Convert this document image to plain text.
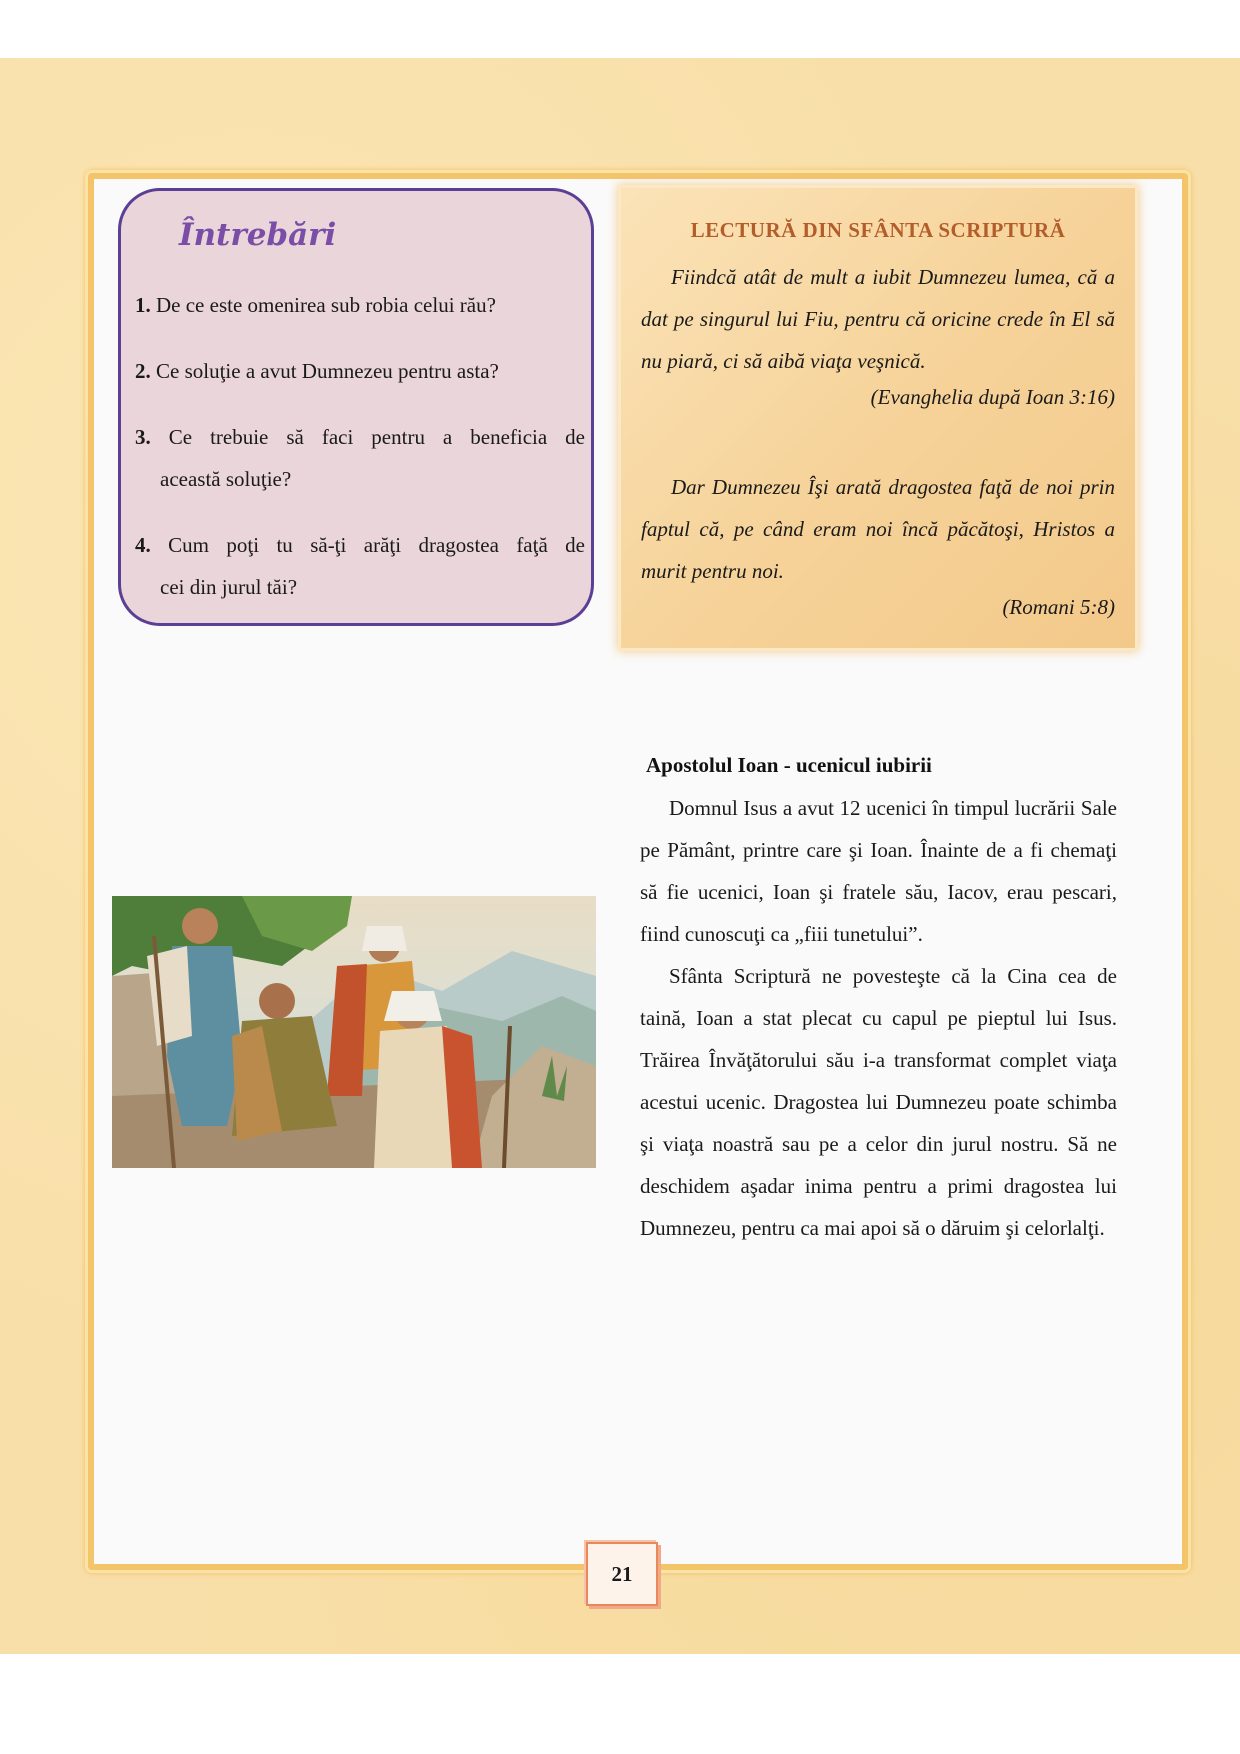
Întrebări
1. De ce este omenirea sub robia celui rău?
2. Ce soluţie a avut Dumnezeu pentru asta?
3. Ce trebuie să faci pentru a beneficia de
această soluţie?
4. Cum poţi tu să-ţi arăţi dragostea faţă de
cei din jurul tăi?
LECTURĂ DIN SFÂNTA SCRIPTURĂ
Fiindcă atât de mult a iubit Dumnezeu lumea, că a dat pe singurul lui Fiu, pentru că oricine crede în El să nu piară, ci să aibă viaţa veşnică.
(Evanghelia după Ioan 3:16)
Dar Dumnezeu Îşi arată dragostea faţă de noi prin faptul că, pe când eram noi încă păcătoşi, Hristos a murit pentru noi.
(Romani 5:8)
Apostolul Ioan - ucenicul iubirii

Domnul Isus a avut 12 ucenici în timpul lucrării Sale pe Pământ, printre care şi Ioan. Înainte de a fi chemaţi să fie ucenici, Ioan şi fratele său, Iacov, erau pescari, fiind cunoscuţi ca „fiii tunetului”.

Sfânta Scriptură ne povesteşte că la Cina cea de taină, Ioan a stat plecat cu capul pe pieptul lui Isus. Trăirea Învăţătorului său i-a transformat complet viaţa acestui ucenic. Dragostea lui Dumnezeu poate schimba şi viaţa noastră sau pe a celor din jurul nostru. Să ne deschidem aşadar inima pentru a primi dragostea lui Dumnezeu, pentru ca mai apoi să o dăruim şi celorlalţi.

21
